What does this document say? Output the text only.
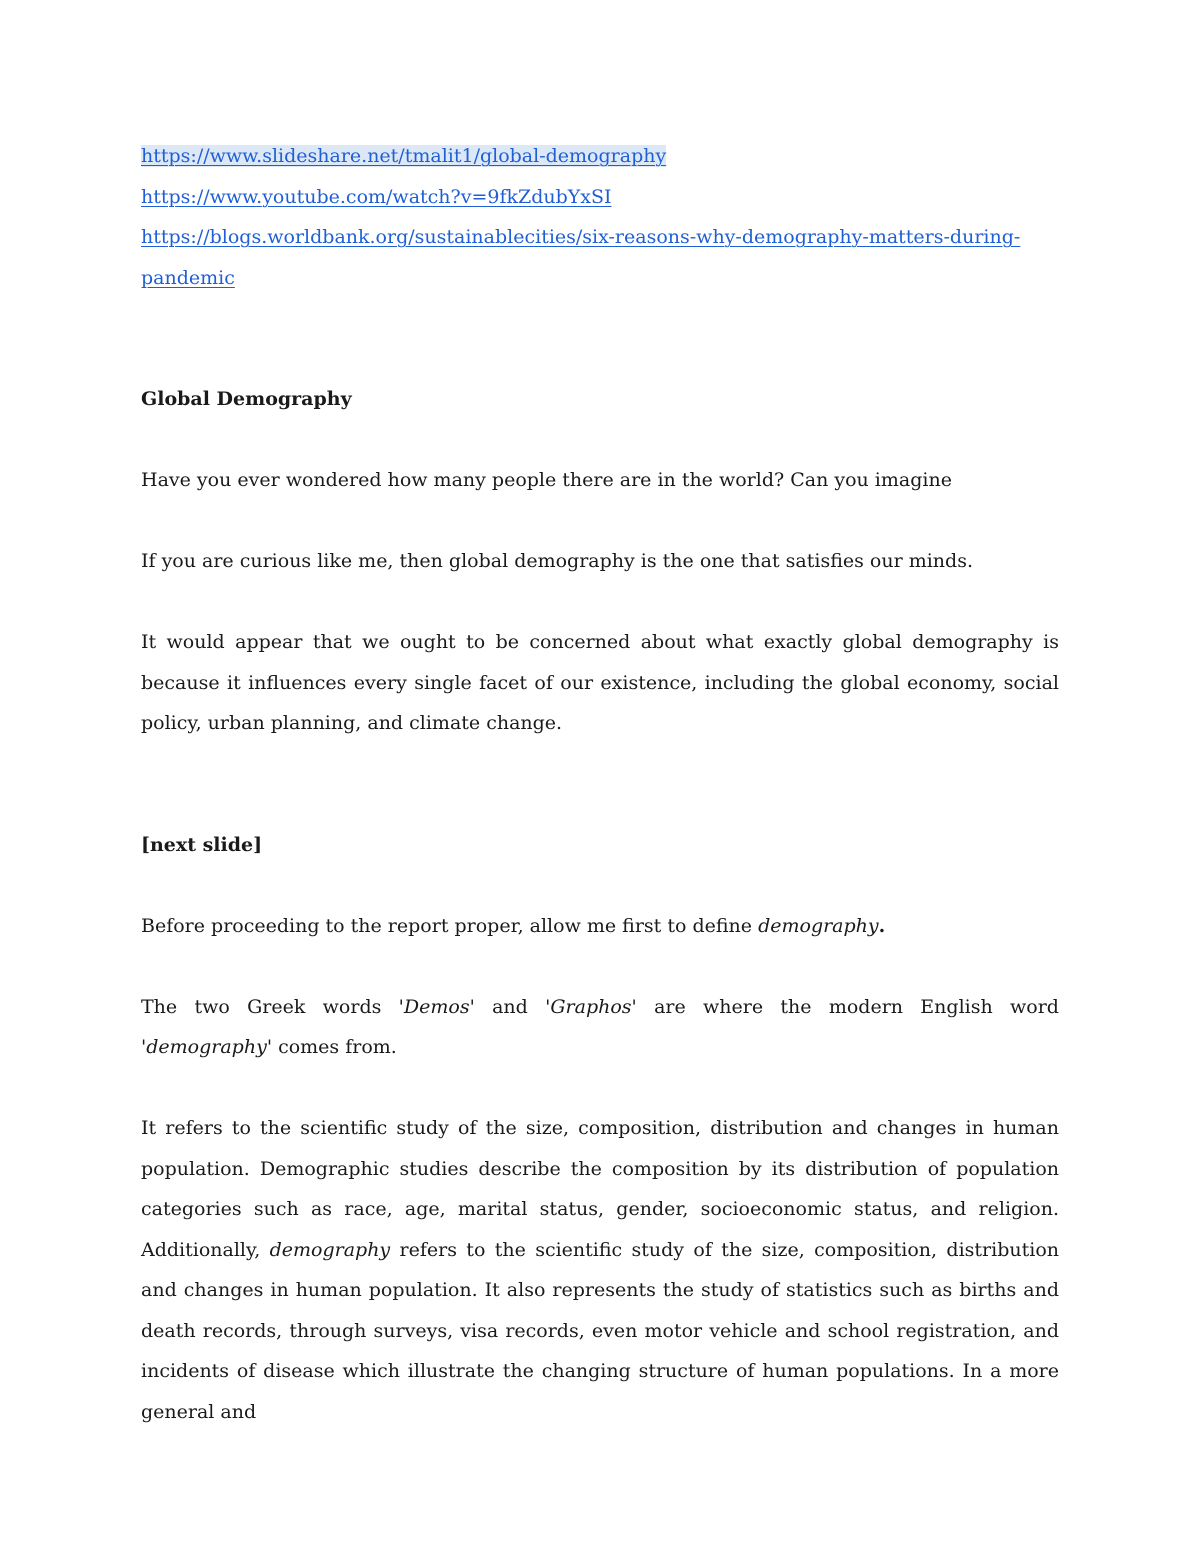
https://www.slideshare.net/tmalit1/global-demography

https://www.youtube.com/watch?v=9fkZdubYxSI

https://blogs.worldbank.org/sustainablecities/six-reasons-why-demography-matters-during-
pandemic

Global Demography

Have you ever wondered how many people there are in the world? Can you imagine

If you are curious like me, then global demography is the one that satisfies our minds.

It would appear that we ought to be concerned about what exactly global demography is because it influences every single facet of our existence, including the global economy, social policy, urban planning, and climate change.

[next slide]

Before proceeding to the report proper, allow me first to define demography.

The two Greek words 'Demos' and 'Graphos' are where the modern English word 'demography' comes from.

It refers to the scientific study of the size, composition, distribution and changes in human population. Demographic studies describe the composition by its distribution of population categories such as race, age, marital status, gender, socioeconomic status, and religion. Additionally, demography refers to the scientific study of the size, composition, distribution and changes in human population. It also represents the study of statistics such as births and death records, through surveys, visa records, even motor vehicle and school registration, and incidents of disease which illustrate the changing structure of human populations. In a more general and
